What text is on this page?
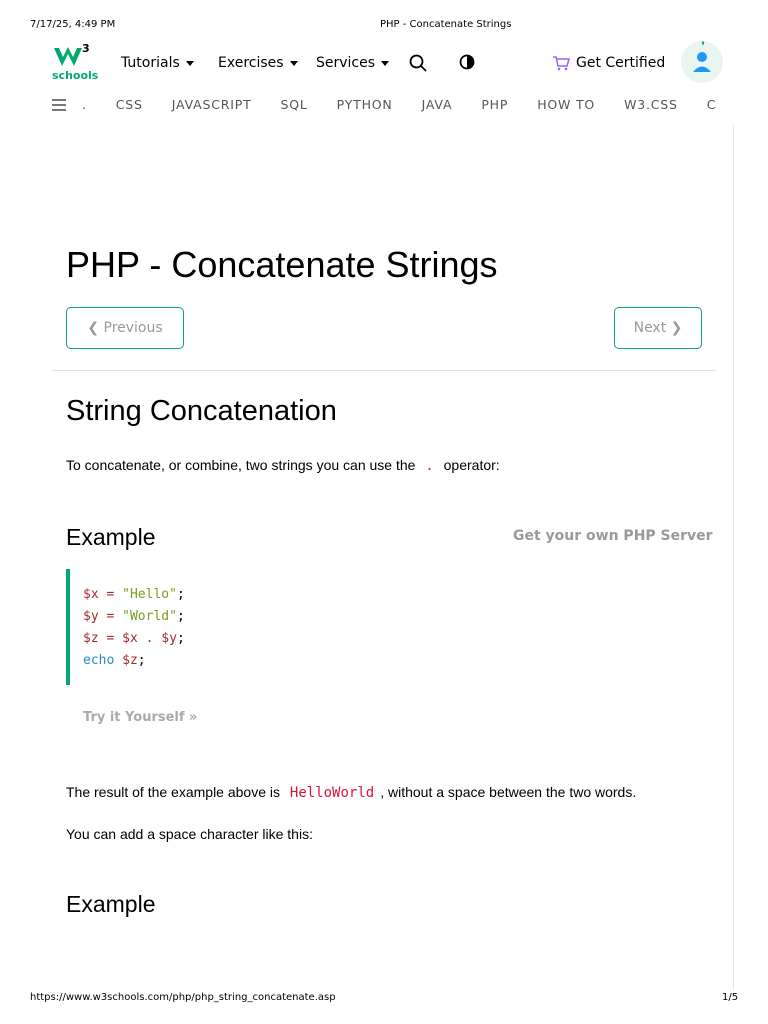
7/17/25, 4:49 PM	PHP - Concatenate Strings
3
schools
Tutorials	Exercises Services	Get Certified
. CSS JAVASCRIPT SQL PYTHON JAVA PHP HOW TO W3.CSS C
PHP - Concatenate Strings
❮ Previous	Next ❯
String Concatenation
To concatenate, or combine, two strings you can use the . operator:
Example	Get your own PHP Server
$x = "Hello";
$y = "World";
$z = $x . $y;
echo $z;
Try it Yourself »
The result of the example above is HelloWorld , without a space between the two words.
You can add a space character like this:
Example
https://www.w3schools.com/php/php_string_concatenate.asp	1/5
